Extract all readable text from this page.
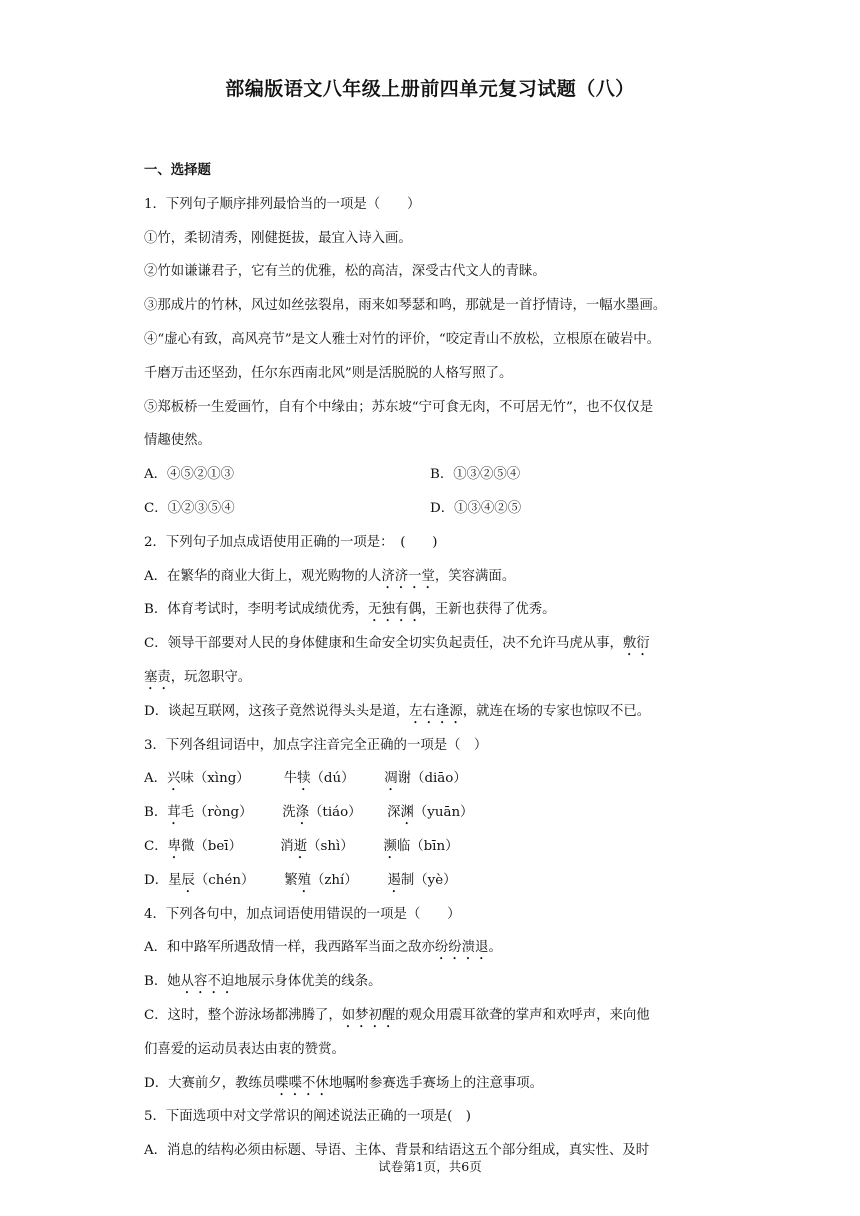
部编版语文八年级上册前四单元复习试题（八）
一、选择题
1．下列句子顺序排列最恰当的一项是（　　）
①竹，柔韧清秀，刚健挺拔，最宜入诗入画。
②竹如谦谦君子，它有兰的优雅，松的高洁，深受古代文人的青睐。
③那成片的竹林，风过如丝弦裂帛，雨来如琴瑟和鸣，那就是一首抒情诗，一幅水墨画。
④“虚心有致，高风亮节”是文人雅士对竹的评价，“咬定青山不放松，立根原在破岩中。
千磨万击还坚劲，任尔东西南北风”则是活脱脱的人格写照了。
⑤郑板桥一生爱画竹，自有个中缘由；苏东坡“宁可食无肉，不可居无竹”，也不仅仅是
情趣使然。
A．④⑤②①③	B．①③②⑤④
C．①②③⑤④	D．①③④②⑤
2．下列句子加点成语使用正确的一项是：　(　　)
A．在繁华的商业大街上，观光购物的人济济一堂，笑容满面。
B．体育考试时，李明考试成绩优秀，无独有偶，王新也获得了优秀。
C．领导干部要对人民的身体健康和生命安全切实负起责任，决不允许马虎从事，敷衍
塞责，玩忽职守。
D．谈起互联网，这孩子竟然说得头头是道，左右逢源，就连在场的专家也惊叹不已。
3．下列各组词语中，加点字注音完全正确的一项是（　）
A．兴味（xìng）	牛犊（dú） 凋谢（diāo）
B．茸毛（ròng） 洗涤（tiáo） 深渊（yuān）
C．卑微（beī）	消逝（shì） 濒临（bīn）
D．星辰（chén） 繁殖（zhí） 遏制（yè）
4．下列各句中，加点词语使用错误的一项是（　　）
A．和中路军所遇敌情一样，我西路军当面之敌亦纷纷溃退。
B．她从容不迫地展示身体优美的线条。
C．这时，整个游泳场都沸腾了，如梦初醒的观众用震耳欲聋的掌声和欢呼声，来向他
们喜爱的运动员表达由衷的赞赏。
D．大赛前夕，教练员喋喋不休地嘱咐参赛选手赛场上的注意事项。
5．下面选项中对文学常识的阐述说法正确的一项是(　)
A．消息的结构必须由标题、导语、主体、背景和结语这五个部分组成，真实性、及时
试卷第1页，共6页
